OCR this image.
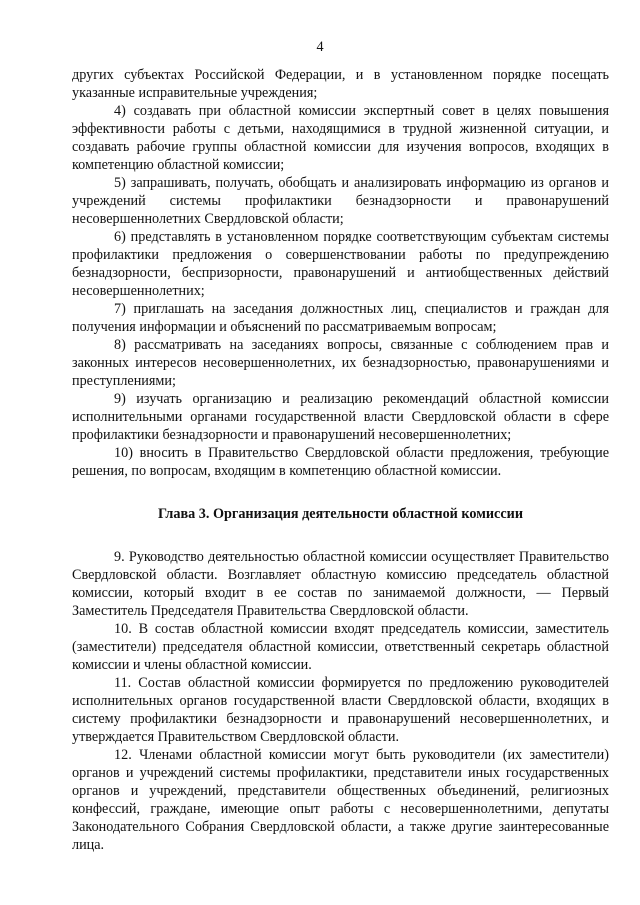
4

других субъектах Российской Федерации, и в установленном порядке посещать указанные исправительные учреждения;

4) создавать при областной комиссии экспертный совет в целях повышения эффективности работы с детьми, находящимися в трудной жизненной ситуации, и создавать рабочие группы областной комиссии для изучения вопросов, входящих в компетенцию областной комиссии;

5) запрашивать, получать, обобщать и анализировать информацию из органов и учреждений системы профилактики безнадзорности и правонарушений несовершеннолетних Свердловской области;

6) представлять в установленном порядке соответствующим субъектам системы профилактики предложения о совершенствовании работы по предупреждению безнадзорности, беспризорности, правонарушений и антиобщественных действий несовершеннолетних;

7) приглашать на заседания должностных лиц, специалистов и граждан для получения информации и объяснений по рассматриваемым вопросам;

8) рассматривать на заседаниях вопросы, связанные с соблюдением прав и законных интересов несовершеннолетних, их безнадзорностью, правонарушениями и преступлениями;

9) изучать организацию и реализацию рекомендаций областной комиссии исполнительными органами государственной власти Свердловской области в сфере профилактики безнадзорности и правонарушений несовершеннолетних;

10) вносить в Правительство Свердловской области предложения, требующие решения, по вопросам, входящим в компетенцию областной комиссии.

Глава 3. Организация деятельности областной комиссии

9. Руководство деятельностью областной комиссии осуществляет Правительство Свердловской области. Возглавляет областную комиссию председатель областной комиссии, который входит в ее состав по занимаемой должности, — Первый Заместитель Председателя Правительства Свердловской области.

10. В состав областной комиссии входят председатель комиссии, заместитель (заместители) председателя областной комиссии, ответственный секретарь областной комиссии и члены областной комиссии.

11. Состав областной комиссии формируется по предложению руководителей исполнительных органов государственной власти Свердловской области, входящих в систему профилактики безнадзорности и правонарушений несовершеннолетних, и утверждается Правительством Свердловской области.

12. Членами областной комиссии могут быть руководители (их заместители) органов и учреждений системы профилактики, представители иных государственных органов и учреждений, представители общественных объединений, религиозных конфессий, граждане, имеющие опыт работы с несовершеннолетними, депутаты Законодательного Собрания Свердловской области, а также другие заинтересованные лица.
